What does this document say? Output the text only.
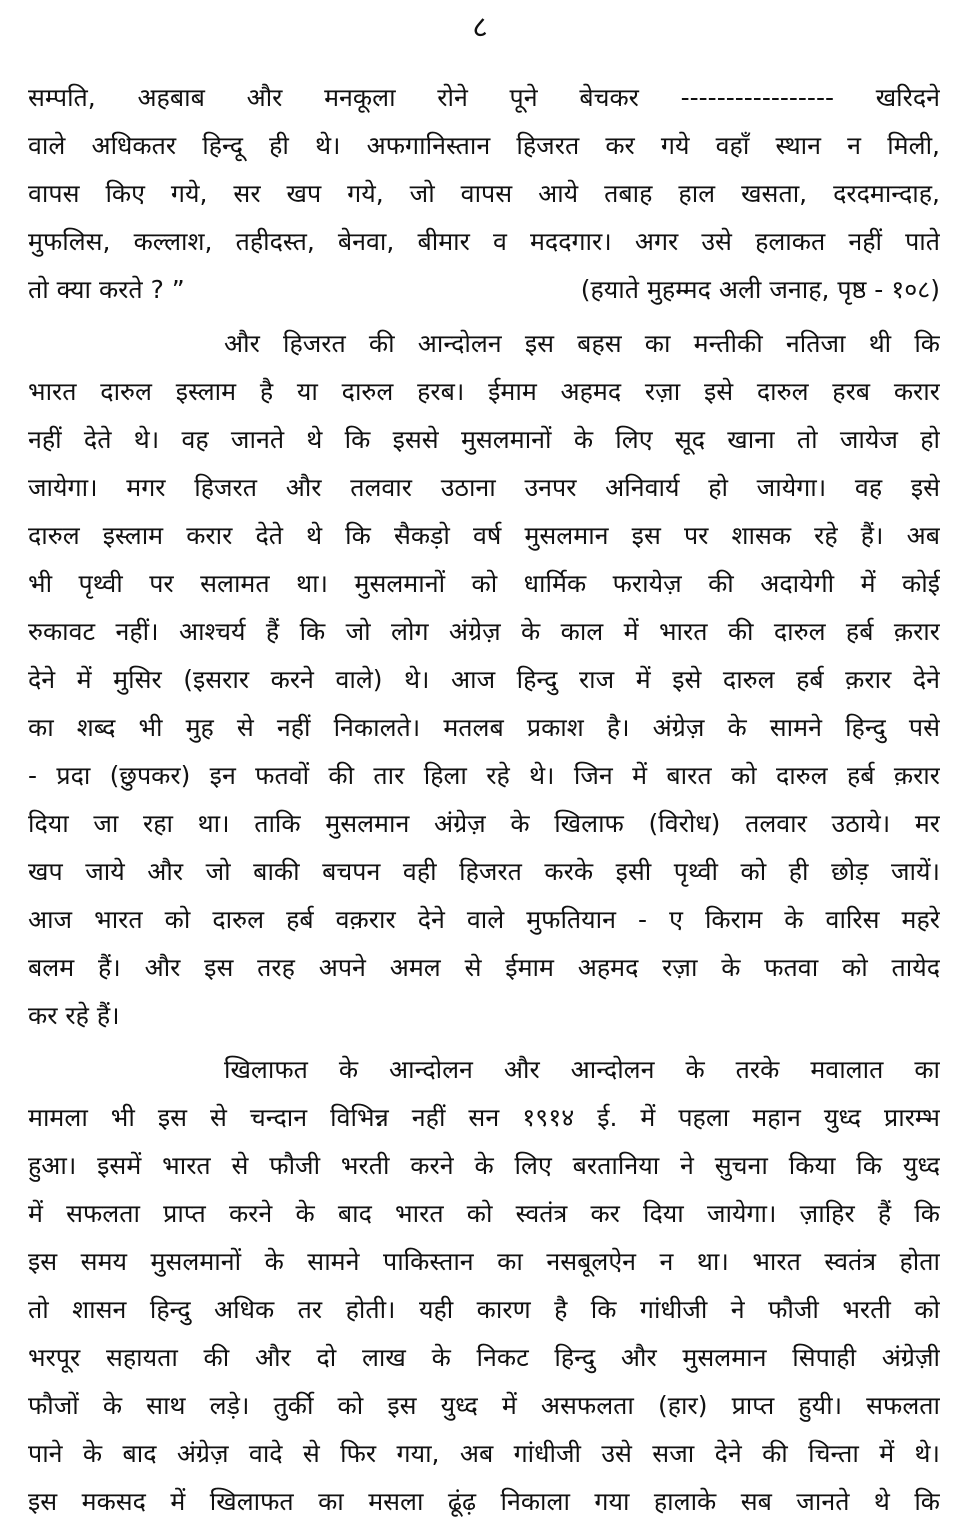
८
सम्पति, अहबाब और मनकूला रोने पूने बेचकर ----------------- खरिदने
वाले अधिकतर हिन्दू ही थे। अफगानिस्तान हिजरत कर गये वहाँ स्थान न मिली,
वापस किए गये, सर खप गये, जो वापस आये तबाह हाल खसता, दरदमान्दाह,
मुफलिस, कल्लाश, तहीदस्त, बेनवा, बीमार व मददगार। अगर उसे हलाकत नहीं पाते
तो क्या करते ? ”	(हयाते मुहम्मद अली जनाह, पृष्ठ - १०८)
और हिजरत की आन्दोलन इस बहस का मन्तीकी नतिजा थी कि
भारत दारुल इस्लाम है या दारुल हरब। ईमाम अहमद रज़ा इसे दारुल हरब करार
नहीं देते थे। वह जानते थे कि इससे मुसलमानों के लिए सूद खाना तो जायेज हो
जायेगा। मगर हिजरत और तलवार उठाना उनपर अनिवार्य हो जायेगा। वह इसे
दारुल इस्लाम करार देते थे कि सैकड़ो वर्ष मुसलमान इस पर शासक रहे हैं। अब
भी पृथ्वी पर सलामत था। मुसलमानों को धार्मिक फरायेज़ की अदायेगी में कोई
रुकावट नहीं। आश्चर्य हैं कि जो लोग अंग्रेज़ के काल में भारत की दारुल हर्ब क़रार
देने में मुसिर (इसरार करने वाले) थे। आज हिन्दु राज में इसे दारुल हर्ब क़रार देने
का शब्द भी मुह से नहीं निकालते। मतलब प्रकाश है। अंग्रेज़ के सामने हिन्दु पसे
- प्रदा (छुपकर) इन फतवों की तार हिला रहे थे। जिन में बारत को दारुल हर्ब क़रार
दिया जा रहा था। ताकि मुसलमान अंग्रेज़ के खिलाफ (विरोध) तलवार उठाये। मर
खप जाये और जो बाकी बचपन वही हिजरत करके इसी पृथ्वी को ही छोड़ जायें।
आज भारत को दारुल हर्ब वक़रार देने वाले मुफतियान - ए किराम के वारिस महरे
बलम हैं। और इस तरह अपने अमल से ईमाम अहमद रज़ा के फतवा को तायेद
कर रहे हैं।
खिलाफत के आन्दोलन और आन्दोलन के तरके मवालात का
मामला भी इस से चन्दान विभिन्न नहीं सन १९१४ ई. में पहला महान युध्द प्रारम्भ
हुआ। इसमें भारत से फौजी भरती करने के लिए बरतानिया ने सुचना किया कि युध्द
में सफलता प्राप्त करने के बाद भारत को स्वतंत्र कर दिया जायेगा। ज़ाहिर हैं कि
इस समय मुसलमानों के सामने पाकिस्तान का नसबूलऐन न था। भारत स्वतंत्र होता
तो शासन हिन्दु अधिक तर होती। यही कारण है कि गांधीजी ने फौजी भरती को
भरपूर सहायता की और दो लाख के निकट हिन्दु और मुसलमान सिपाही अंग्रेज़ी
फौजों के साथ लड़े। तुर्की को इस युध्द में असफलता (हार) प्राप्त हुयी। सफलता
पाने के बाद अंग्रेज़ वादे से फिर गया, अब गांधीजी उसे सजा देने की चिन्ता में थे।
इस मकसद में खिलाफत का मसला ढूंढ़ निकाला गया हालाके सब जानते थे कि
